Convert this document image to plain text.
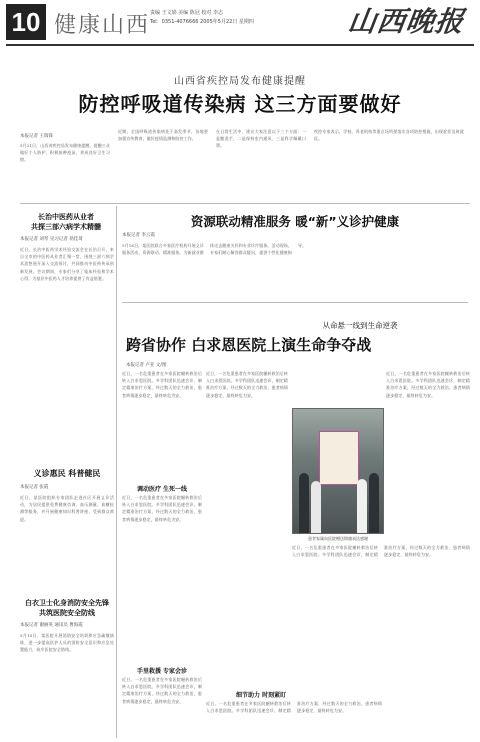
10 健康山西 责编 王文娟 美编 陈冠 校对 李志
Tel：0351-4076666 2005年5月22日 星期四	山西晚报
山西省疾控局发布健康提醒
防控呼吸道传染病 这三方面要做好
本报记者 王瑞锋
5月21日，山西省疾控局发布健康提醒，提醒公众做好个人防护，积极接种疫苗，养成良好卫生习惯。
近期，全国呼吸道传染病处于高发季节，各地要加强宣传教育，做好疫情监测和防控工作。
在日常生活中，建议大家注意以下三个方面：一是勤洗手，二是保持室内通风，三是科学佩戴口罩。
疾控专家表示，学校、养老机构等重点场所要落实各项防控措施，出现症状及时就医。
长治中医药从业者
共探三部六病学术精髓
本报记者 刘琴 见习记者 翁佳琦
近日，长治中医药学术经验交流会在长治召开。来自全市的中医药从业者汇聚一堂，围绕三部六病学术思想展开深入交流探讨，共同推动中医药传承创新发展。会议期间，专家们分享了临床经验和学术心得，为基层中医药人才培养提供了有益借鉴。
义诊惠民 科普健民
本报记者 张霞
近日，某医院组织专家团队走进社区开展义诊活动，为居民提供免费健康咨询、血压测量、血糖检测等服务，并开展健康知识科普讲座，受到群众欢迎。
白衣卫士化身消防安全先锋
共筑医院安全防线
本报记者 谢丽英 通讯员 曹海霞
5月15日，某医院开展消防安全培训和应急疏散演练，进一步提高医护人员的消防安全意识和应急处置能力，筑牢医院安全防线。
资源联动精准服务 暖“新”义诊护健康
本报记者 李云霞
5月16日，某医院联合多家医疗机构开展义诊服务活动，资源联动、精准服务，为新就业群体送去健康关怀和专业诊疗服务。活动现场，专家们耐心解答群众疑问，提供个性化健康指导。
从命悬一线到生命逆袭
跨省协作 白求恩医院上演生命争夺战
本报记者 卢亚 文/图
近日，一名危重患者在多家医院辗转救治后转入白求恩医院。多学科团队迅速会诊，制定精准治疗方案，经过数天的全力救治，患者病情逐步稳定，最终转危为安。
调动医疗 生死一线
近日，一名危重患者在多家医院辗转救治后转入白求恩医院。多学科团队迅速会诊，制定精准治疗方案，经过数天的全力救治，患者病情逐步稳定，最终转危为安。
近日，一名危重患者在多家医院辗转救治后转入白求恩医院。多学科团队迅速会诊，制定精准治疗方案，经过数天的全力救治，患者病情逐步稳定，最终转危为安。
手里救援 专家会诊
近日，一名危重患者在多家医院辗转救治后转入白求恩医院。多学科团队迅速会诊，制定精准治疗方案，经过数天的全力救治，患者病情逐步稳定，最终转危为安。
细节助力 时刻紧盯
近日，一名危重患者在多家医院辗转救治后转入白求恩医院。多学科团队迅速会诊，制定精准治疗方案，经过数天的全力救治，患者病情逐步稳定，最终转危为安。
患者家属向医院赠送锦旗表达感谢
近日，一名危重患者在多家医院辗转救治后转入白求恩医院。多学科团队迅速会诊，制定精准治疗方案，经过数天的全力救治，患者病情逐步稳定，最终转危为安。
近日，一名危重患者在多家医院辗转救治后转入白求恩医院。多学科团队迅速会诊，制定精准治疗方案，经过数天的全力救治，患者病情逐步稳定，最终转危为安。
